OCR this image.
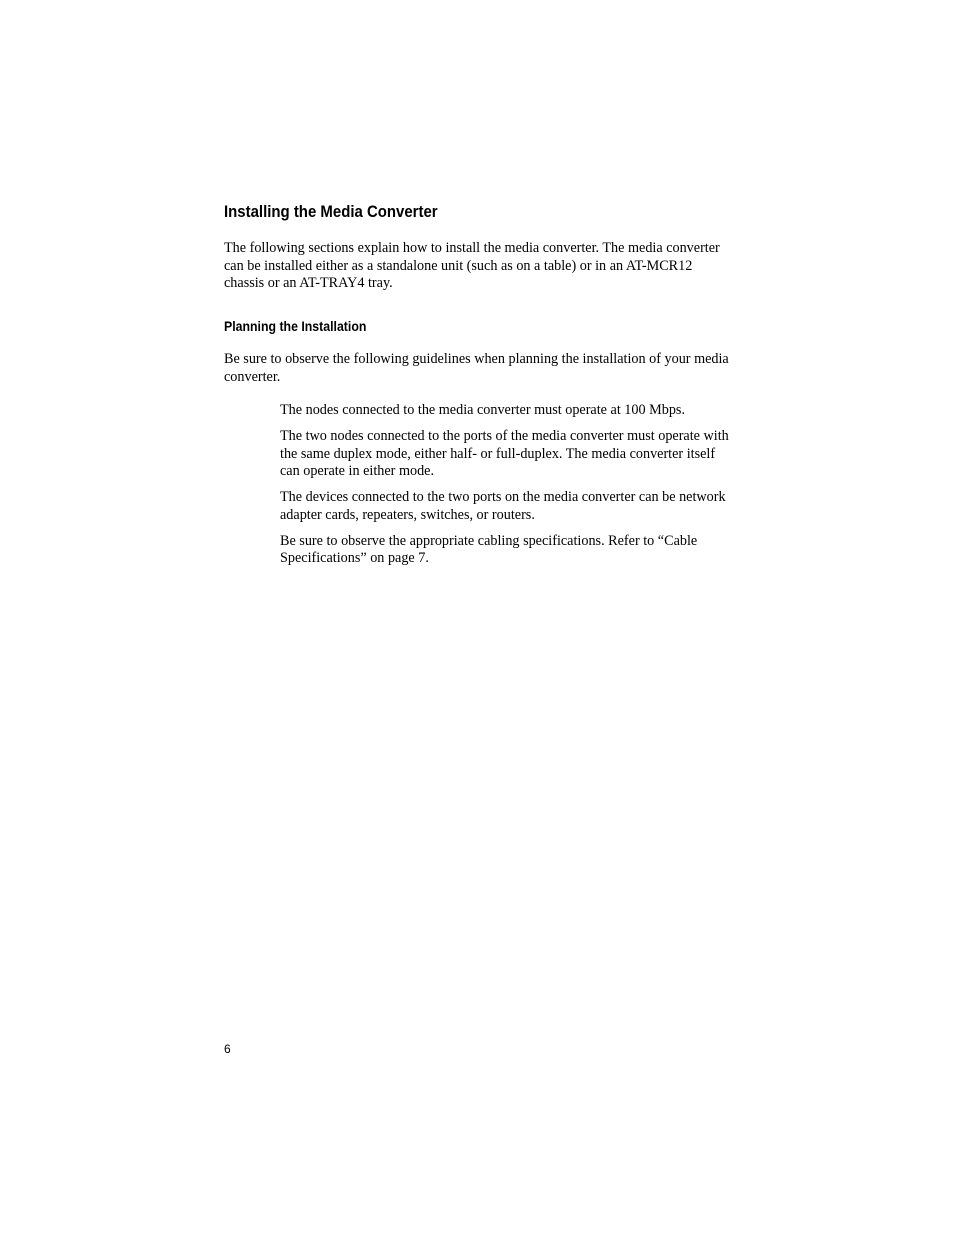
Installing the Media Converter

The following sections explain how to install the media converter. The media converter can be installed either as a standalone unit (such as on a table) or in an AT-MCR12 chassis or an AT-TRAY4 tray.

Planning the Installation

Be sure to observe the following guidelines when planning the installation of your media converter.

The nodes connected to the media converter must operate at 100 Mbps.
The two nodes connected to the ports of the media converter must operate with the same duplex mode, either half- or full-duplex. The media converter itself can operate in either mode.
The devices connected to the two ports on the media converter can be network adapter cards, repeaters, switches, or routers.
Be sure to observe the appropriate cabling specifications. Refer to “Cable Specifications” on page 7.

6
